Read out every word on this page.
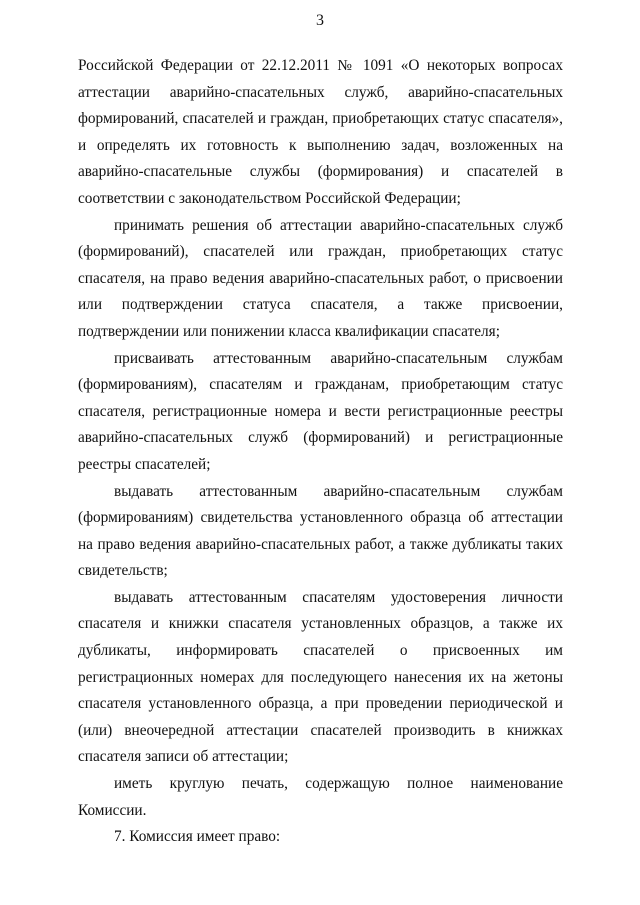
3

Российской Федерации от 22.12.2011 № 1091 «О некоторых вопросах аттестации аварийно-спасательных служб, аварийно-спасательных формирований, спасателей и граждан, приобретающих статус спасателя», и определять их готовность к выполнению задач, возложенных на аварийно-спасательные службы (формирования) и спасателей в соответствии с законодательством Российской Федерации;

принимать решения об аттестации аварийно-спасательных служб (формирований), спасателей или граждан, приобретающих статус спасателя, на право ведения аварийно-спасательных работ, о присвоении или подтверждении статуса спасателя, а также присвоении, подтверждении или понижении класса квалификации спасателя;

присваивать аттестованным аварийно-спасательным службам (формированиям), спасателям и гражданам, приобретающим статус спасателя, регистрационные номера и вести регистрационные реестры аварийно-спасательных служб (формирований) и регистрационные реестры спасателей;

выдавать аттестованным аварийно-спасательным службам (формированиям) свидетельства установленного образца об аттестации на право ведения аварийно-спасательных работ, а также дубликаты таких свидетельств;

выдавать аттестованным спасателям удостоверения личности спасателя и книжки спасателя установленных образцов, а также их дубликаты, информировать спасателей о присвоенных им регистрационных номерах для последующего нанесения их на жетоны спасателя установленного образца, а при проведении периодической и (или) внеочередной аттестации спасателей производить в книжках спасателя записи об аттестации;

иметь круглую печать, содержащую полное наименование Комиссии.

7. Комиссия имеет право:
